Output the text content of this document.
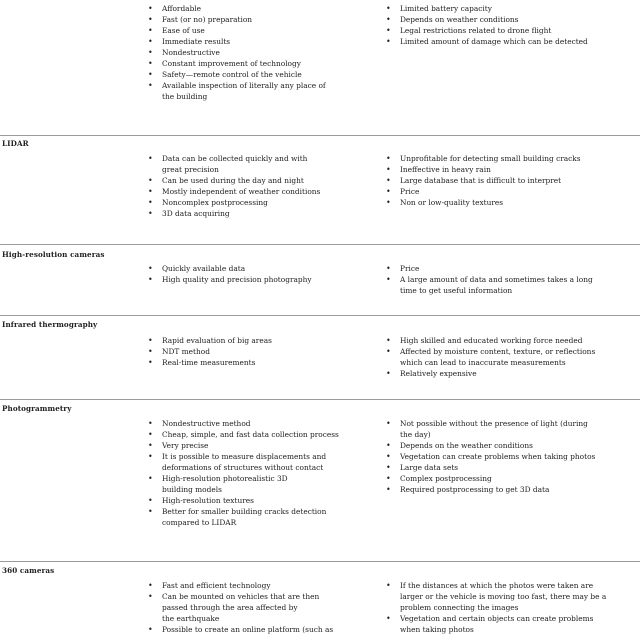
• Affordable
• Fast (or no) preparation
• Ease of use
• Immediate results
• Nondestructive
• Constant improvement of technology
• Safety—remote control of the vehicle
• Available inspection of literally any place of
the building
• Limited battery capacity
• Depends on weather conditions
• Legal restrictions related to drone flight
• Limited amount of damage which can be detected
LIDAR
• Data can be collected quickly and with
great precision
• Can be used during the day and night
• Mostly independent of weather conditions
• Noncomplex postprocessing
• 3D data acquiring
• Unprofitable for detecting small building cracks
• Ineffective in heavy rain
• Large database that is difficult to interpret
• Price
• Non or low-quality textures
High-resolution cameras
• Quickly available data
• High quality and precision photography
• Price
• A large amount of data and sometimes takes a long
time to get useful information
Infrared thermography
• Rapid evaluation of big areas
• NDT method
• Real-time measurements
• High skilled and educated working force needed
• Affected by moisture content, texture, or reflections
which can lead to inaccurate measurements
• Relatively expensive
Photogrammetry
• Nondestructive method
• Cheap, simple, and fast data collection process
• Very precise
• It is possible to measure displacements and
deformations of structures without contact
• High-resolution photorealistic 3D
building models
• High-resolution textures
• Better for smaller building cracks detection
compared to LIDAR
• Not possible without the presence of light (during
the day)
• Depends on the weather conditions
• Vegetation can create problems when taking photos
• Large data sets
• Complex postprocessing
• Required postprocessing to get 3D data
360 cameras
• Fast and efficient technology
• Can be mounted on vehicles that are then
passed through the area affected by
the earthquake
• Possible to create an online platform (such as
• If the distances at which the photos were taken are
larger or the vehicle is moving too fast, there may be a
problem connecting the images
• Vegetation and certain objects can create problems
when taking photos
